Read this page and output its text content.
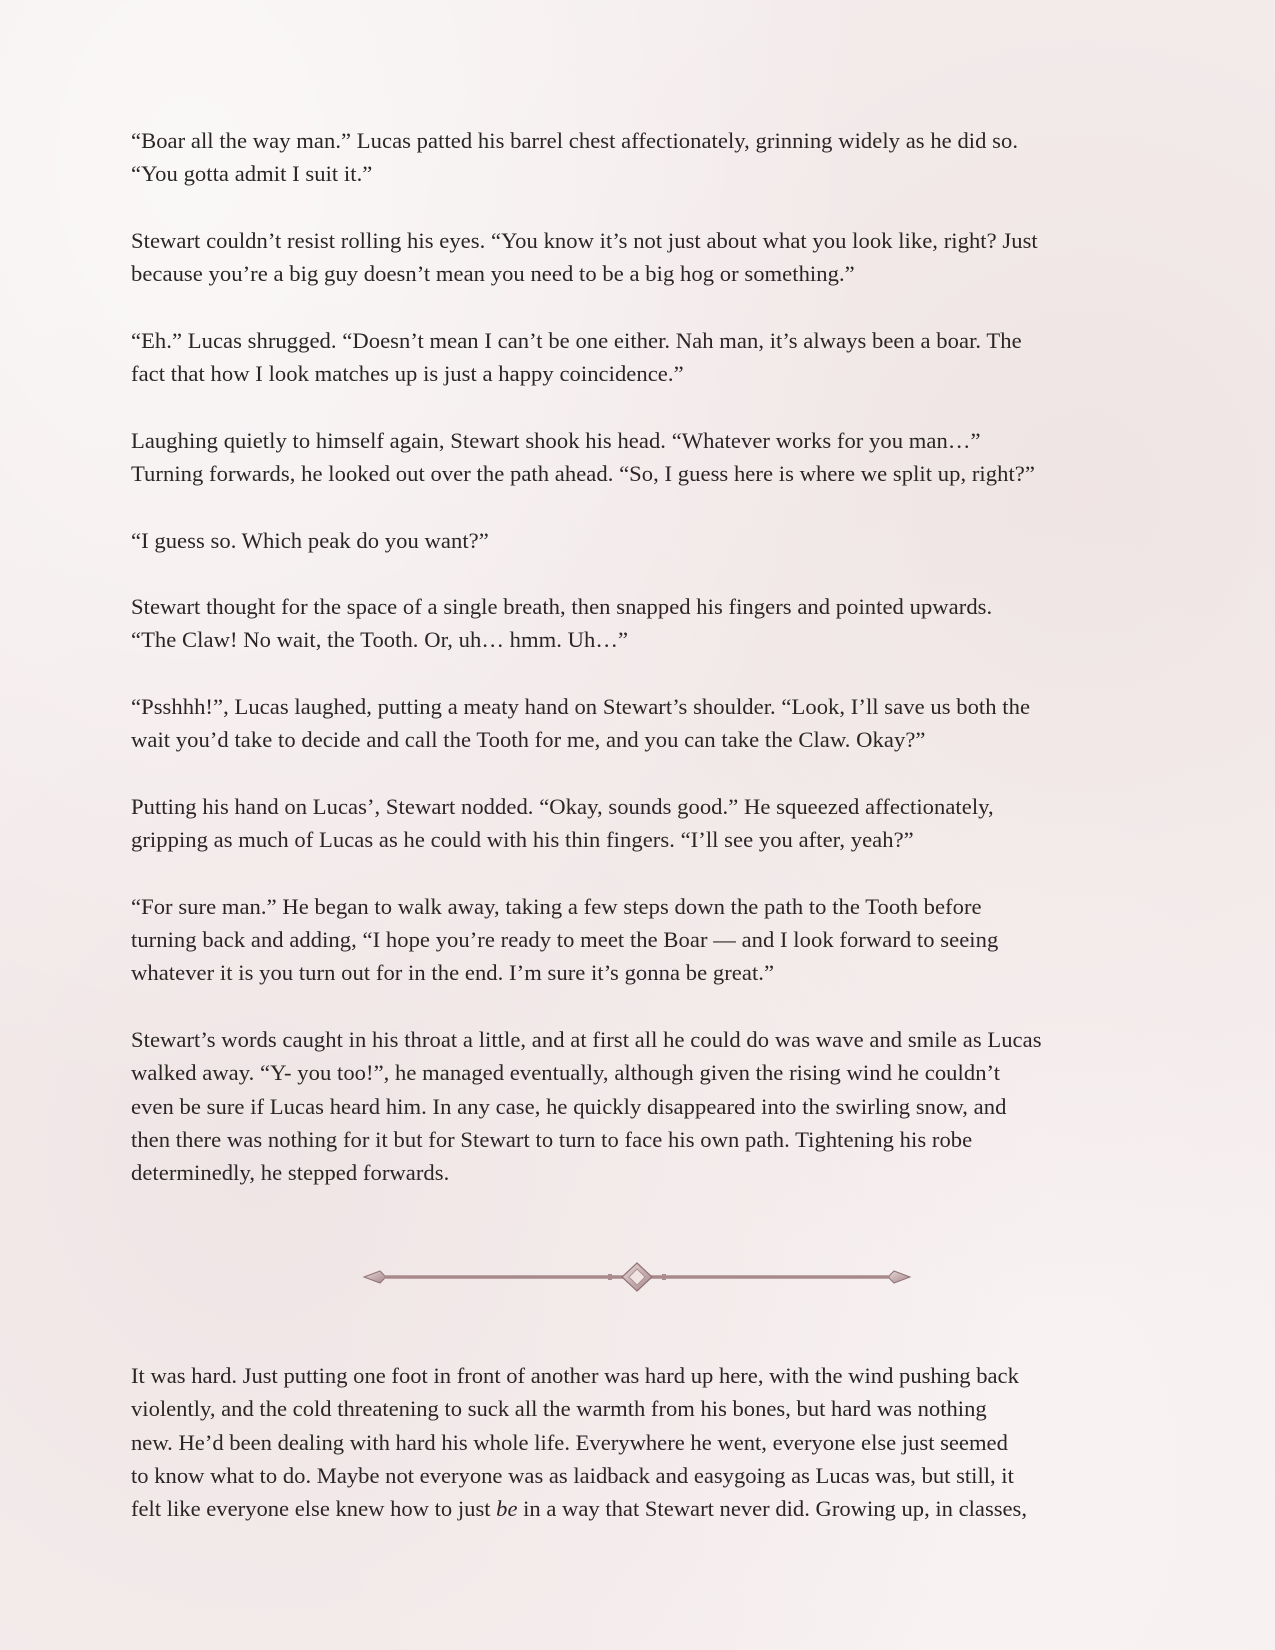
“Boar all the way man.” Lucas patted his barrel chest affectionately, grinning widely as he did so.
“You gotta admit I suit it.”

Stewart couldn’t resist rolling his eyes. “You know it’s not just about what you look like, right? Just
because you’re a big guy doesn’t mean you need to be a big hog or something.”

“Eh.” Lucas shrugged. “Doesn’t mean I can’t be one either. Nah man, it’s always been a boar. The
fact that how I look matches up is just a happy coincidence.”

Laughing quietly to himself again, Stewart shook his head. “Whatever works for you man…”
Turning forwards, he looked out over the path ahead. “So, I guess here is where we split up, right?”

“I guess so. Which peak do you want?”

Stewart thought for the space of a single breath, then snapped his fingers and pointed upwards.
“The Claw! No wait, the Tooth. Or, uh… hmm. Uh…”

“Psshhh!”, Lucas laughed, putting a meaty hand on Stewart’s shoulder. “Look, I’ll save us both the
wait you’d take to decide and call the Tooth for me, and you can take the Claw. Okay?”

Putting his hand on Lucas’, Stewart nodded. “Okay, sounds good.” He squeezed affectionately,
gripping as much of Lucas as he could with his thin fingers. “I’ll see you after, yeah?”

“For sure man.” He began to walk away, taking a few steps down the path to the Tooth before
turning back and adding, “I hope you’re ready to meet the Boar — and I look forward to seeing
whatever it is you turn out for in the end. I’m sure it’s gonna be great.”

Stewart’s words caught in his throat a little, and at first all he could do was wave and smile as Lucas
walked away. “Y- you too!”, he managed eventually, although given the rising wind he couldn’t
even be sure if Lucas heard him. In any case, he quickly disappeared into the swirling snow, and
then there was nothing for it but for Stewart to turn to face his own path. Tightening his robe
determinedly, he stepped forwards.

It was hard. Just putting one foot in front of another was hard up here, with the wind pushing back
violently, and the cold threatening to suck all the warmth from his bones, but hard was nothing
new. He’d been dealing with hard his whole life. Everywhere he went, everyone else just seemed
to know what to do. Maybe not everyone was as laidback and easygoing as Lucas was, but still, it
felt like everyone else knew how to just be in a way that Stewart never did. Growing up, in classes,
